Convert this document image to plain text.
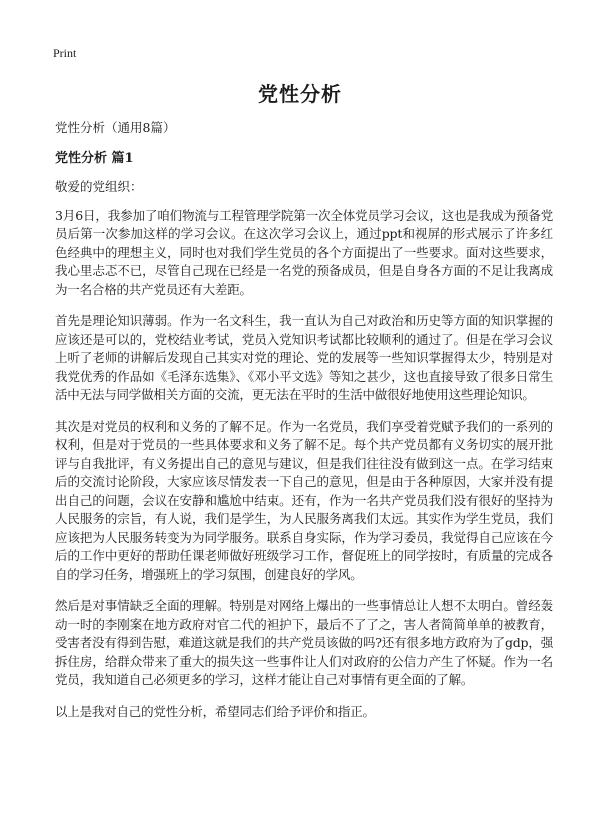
Print
党性分析

党性分析（通用8篇）

党性分析 篇1

敬爱的党组织：

3月6日，我参加了咱们物流与工程管理学院第一次全体党员学习会议，这也是我成为预备党员后第一次参加这样的学习会议。在这次学习会议上，通过ppt和视屏的形式展示了许多红色经典中的理想主义，同时也对我们学生党员的各个方面提出了一些要求。面对这些要求，我心里忐忑不已，尽管自己现在已经是一名党的预备成员，但是自身各方面的不足让我离成为一名合格的共产党员还有大差距。

首先是理论知识薄弱。作为一名文科生，我一直认为自己对政治和历史等方面的知识掌握的应该还是可以的，党校结业考试，党员入党知识考试都比较顺利的通过了。但是在学习会议上听了老师的讲解后发现自己其实对党的理论、党的发展等一些知识掌握得太少，特别是对我党优秀的作品如《毛泽东选集》、《邓小平文选》等知之甚少，这也直接导致了很多日常生活中无法与同学做相关方面的交流，更无法在平时的生活中做很好地使用这些理论知识。

其次是对党员的权利和义务的了解不足。作为一名党员，我们享受着党赋予我们的一系列的权利，但是对于党员的一些具体要求和义务了解不足。每个共产党员都有义务切实的展开批评与自我批评，有义务提出自己的意见与建议，但是我们往往没有做到这一点。在学习结束后的交流讨论阶段，大家应该尽情发表一下自己的意见，但是由于各种原因，大家并没有提出自己的问题，会议在安静和尴尬中结束。还有，作为一名共产党员我们没有很好的坚持为人民服务的宗旨，有人说，我们是学生，为人民服务离我们太远。其实作为学生党员，我们应该把为人民服务转变为为同学服务。联系自身实际，作为学习委员，我觉得自己应该在今后的工作中更好的帮助任课老师做好班级学习工作，督促班上的同学按时，有质量的完成各自的学习任务，增强班上的学习氛围，创建良好的学风。

然后是对事情缺乏全面的理解。特别是对网络上爆出的一些事情总让人想不太明白。曾经轰动一时的李刚案在地方政府对官二代的袒护下，最后不了了之，害人者简简单单的被教育，受害者没有得到告慰，难道这就是我们的共产党员该做的吗?还有很多地方政府为了gdp，强拆住房，给群众带来了重大的损失这一些事件让人们对政府的公信力产生了怀疑。作为一名党员，我知道自己必须更多的学习，这样才能让自己对事情有更全面的了解。

以上是我对自己的党性分析，希望同志们给予评价和指正。
